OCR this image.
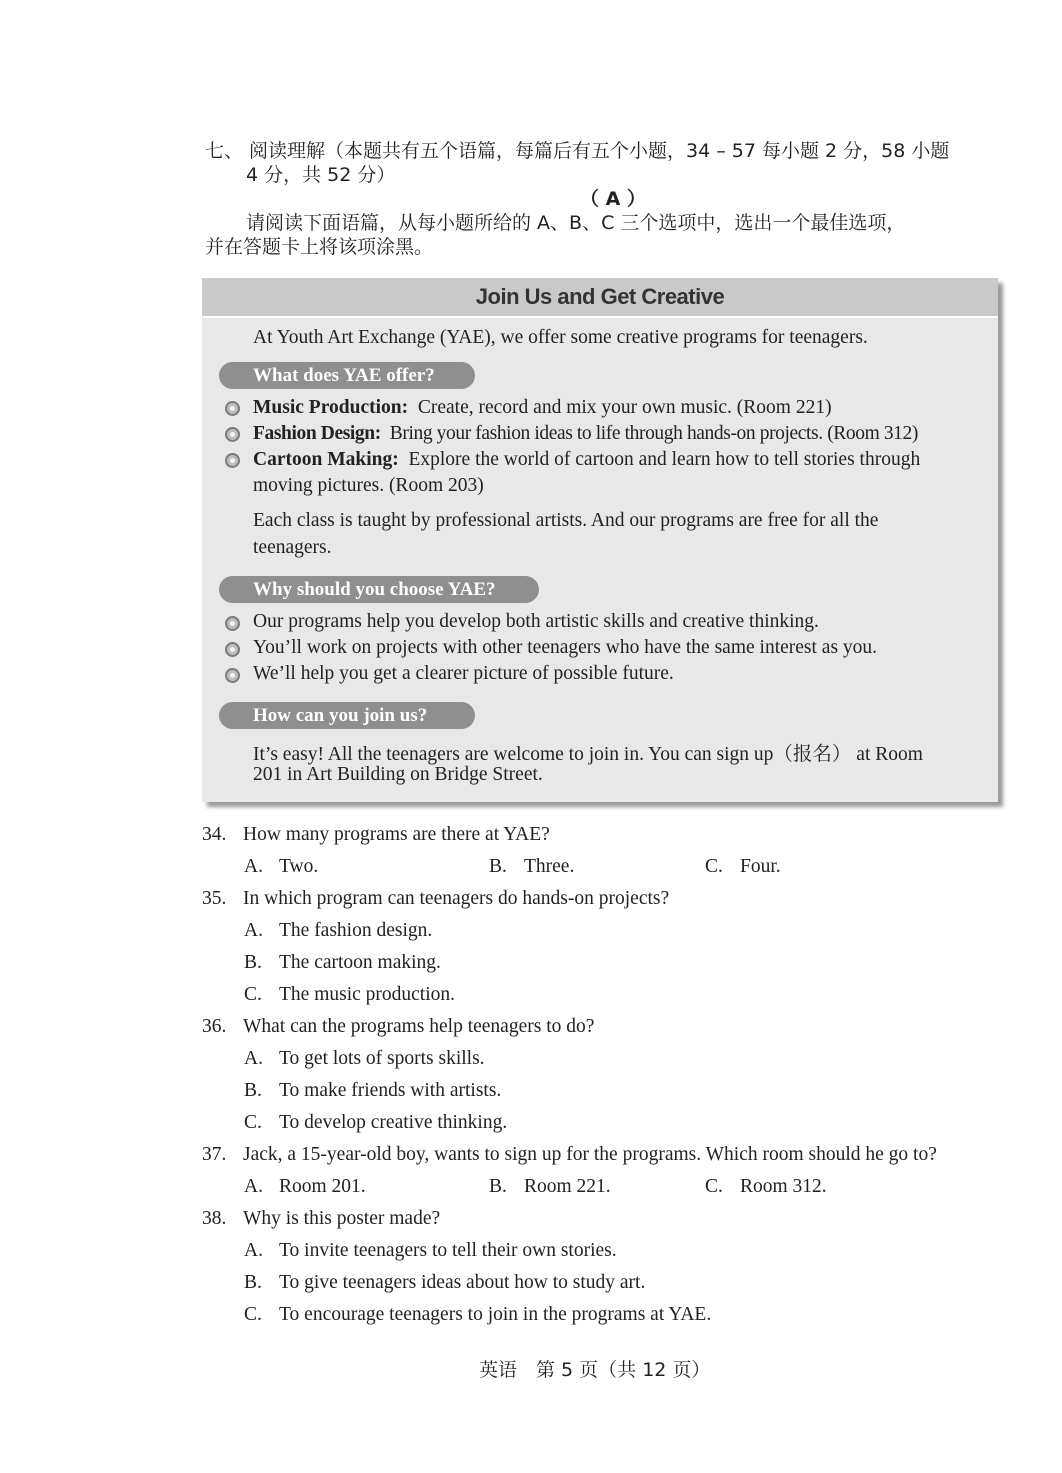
七、 阅读理解（本题共有五个语篇，每篇后有五个小题，34 – 57 每小题 2 分，58 小题
4 分，共 52 分）
（ A ）
请阅读下面语篇，从每小题所给的 A、B、C 三个选项中，选出一个最佳选项，
并在答题卡上将该项涂黑。
Join Us and Get Creative
At Youth Art Exchange (YAE), we offer some creative programs for teenagers.
What does YAE offer?
Music Production: Create, record and mix your own music. (Room 221)
Fashion Design: Bring your fashion ideas to life through hands-on projects. (Room 312)
Cartoon Making: Explore the world of cartoon and learn how to tell stories through
moving pictures. (Room 203)
Each class is taught by professional artists. And our programs are free for all the
teenagers.
Why should you choose YAE?
Our programs help you develop both artistic skills and creative thinking.
You’ll work on projects with other teenagers who have the same interest as you.
We’ll help you get a clearer picture of possible future.
How can you join us?
It’s easy! All the teenagers are welcome to join in. You can sign up（报名） at Room
201 in Art Building on Bridge Street.
34. How many programs are there at YAE?
A. Two.	B. Three.	C. Four.
35. In which program can teenagers do hands-on projects?
A. The fashion design.
B. The cartoon making.
C. The music production.
36. What can the programs help teenagers to do?
A. To get lots of sports skills.
B. To make friends with artists.
C. To develop creative thinking.
37. Jack, a 15-year-old boy, wants to sign up for the programs. Which room should he go to?
A. Room 201.	B. Room 221.	C. Room 312.
38. Why is this poster made?
A. To invite teenagers to tell their own stories.
B. To give teenagers ideas about how to study art.
C. To encourage teenagers to join in the programs at YAE.
英语　第 5 页（共 12 页）
